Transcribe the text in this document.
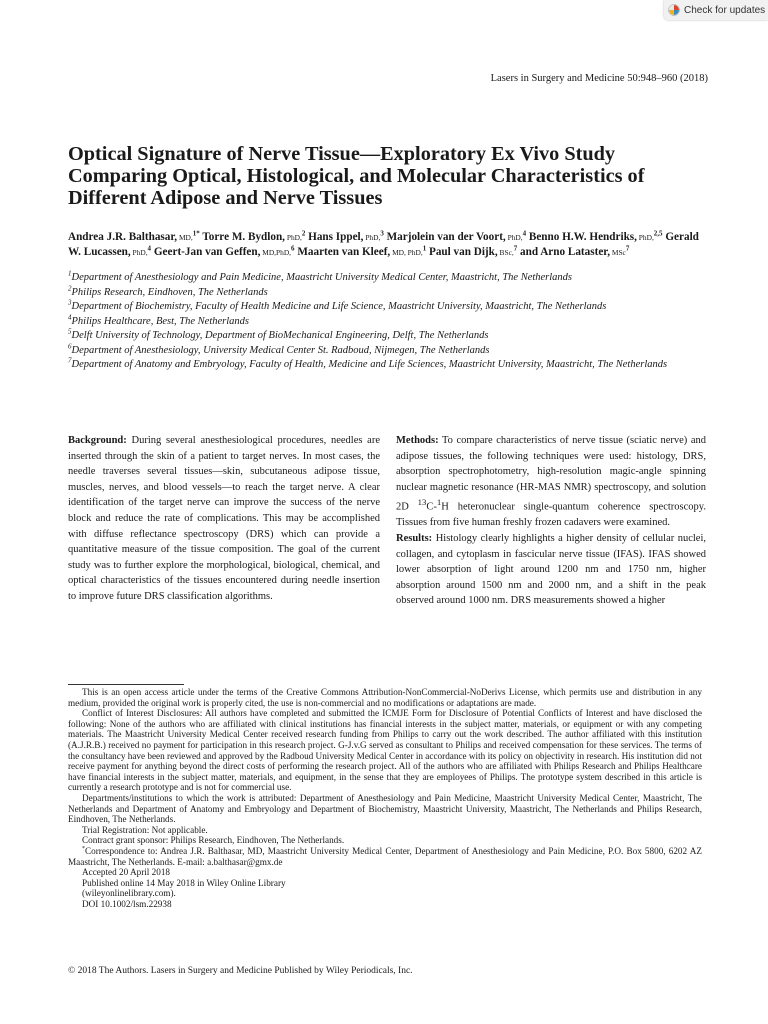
Check for updates
Lasers in Surgery and Medicine 50:948–960 (2018)
Optical Signature of Nerve Tissue—Exploratory Ex Vivo Study Comparing Optical, Histological, and Molecular Characteristics of Different Adipose and Nerve Tissues
Andrea J.R. Balthasar, MD,$^{1*}$ Torre M. Bydlon, PhD,$^2$ Hans Ippel, PhD,$^3$ Marjolein van der Voort, PhD,$^4$ Benno H.W. Hendriks, PhD,$^{2,5}$ Gerald W. Lucassen, PhD,$^4$ Geert-Jan van Geffen, MD,PhD,$^6$ Maarten van Kleef, MD, PhD,$^1$ Paul van Dijk, BSc,$^7$ and Arno Lataster, MSc$^7$
$^1$Department of Anesthesiology and Pain Medicine, Maastricht University Medical Center, Maastricht, The Netherlands
$^2$Philips Research, Eindhoven, The Netherlands
$^3$Department of Biochemistry, Faculty of Health Medicine and Life Science, Maastricht University, Maastricht, The Netherlands
$^4$Philips Healthcare, Best, The Netherlands
$^5$Delft University of Technology, Department of BioMechanical Engineering, Delft, The Netherlands
$^6$Department of Anesthesiology, University Medical Center St. Radboud, Nijmegen, The Netherlands
$^7$Department of Anatomy and Embryology, Faculty of Health, Medicine and Life Sciences, Maastricht University, Maastricht, The Netherlands

Background: During several anesthesiological procedures, needles are inserted through the skin of a patient to target nerves. In most cases, the needle traverses several tissues—skin, subcutaneous adipose tissue, muscles, nerves, and blood vessels—to reach the target nerve. A clear identification of the target nerve can improve the success of the nerve block and reduce the rate of complications. This may be accomplished with diffuse reflectance spectroscopy (DRS) which can provide a quantitative measure of the tissue composition. The goal of the current study was to further explore the morphological, biological, chemical, and optical characteristics of the tissues encountered during needle insertion to improve future DRS classification algorithms.

Methods: To compare characteristics of nerve tissue (sciatic nerve) and adipose tissues, the following techniques were used: histology, DRS, absorption spectrophotometry, high-resolution magic-angle spinning nuclear magnetic resonance (HR-MAS NMR) spectroscopy, and solution 2D $^{13}$C-$^1$H heteronuclear single-quantum coherence spectroscopy. Tissues from five human freshly frozen cadavers were examined.

Results: Histology clearly highlights a higher density of cellular nuclei, collagen, and cytoplasm in fascicular nerve tissue (IFAS). IFAS showed lower absorption of light around 1200 nm and 1750 nm, higher absorption around 1500 nm and 2000 nm, and a shift in the peak observed around 1000 nm. DRS measurements showed a higher

This is an open access article under the terms of the Creative Commons Attribution-NonCommercial-NoDerivs License, which permits use and distribution in any medium, provided the original work is properly cited, the use is non-commercial and no modifications or adaptations are made.

Conflict of Interest Disclosures: All authors have completed and submitted the ICMJE Form for Disclosure of Potential Conflicts of Interest and have disclosed the following: None of the authors who are affiliated with clinical institutions has financial interests in the subject matter, materials, or equipment or with any competing materials. The Maastricht University Medical Center received research funding from Philips to carry out the work described. The author affiliated with this institution (A.J.R.B.) received no payment for participation in this research project. G-J.v.G served as consultant to Philips and received compensation for these services. The terms of the consultancy have been reviewed and approved by the Radboud University Medical Center in accordance with its policy on objectivity in research. His institution did not receive payment for anything beyond the direct costs of performing the research project. All of the authors who are affiliated with Philips Research and Philips Healthcare have financial interests in the subject matter, materials, and equipment, in the sense that they are employees of Philips. The prototype system described in this article is currently a research prototype and is not for commercial use.

Departments/institutions to which the work is attributed: Department of Anesthesiology and Pain Medicine, Maastricht University Medical Center, Maastricht, The Netherlands and Department of Anatomy and Embryology and Department of Biochemistry, Maastricht University, Maastricht, The Netherlands and Philips Research, Eindhoven, The Netherlands.

Trial Registration: Not applicable.

Contract grant sponsor: Philips Research, Eindhoven, The Netherlands.

*Correspondence to: Andrea J.R. Balthasar, MD, Maastricht University Medical Center, Department of Anesthesiology and Pain Medicine, P.O. Box 5800, 6202 AZ Maastricht, The Netherlands. E-mail: a.balthasar@gmx.de

Accepted 20 April 2018

Published online 14 May 2018 in Wiley Online Library

(wileyonlinelibrary.com).

DOI 10.1002/lsm.22938

© 2018 The Authors. Lasers in Surgery and Medicine Published by Wiley Periodicals, Inc.
